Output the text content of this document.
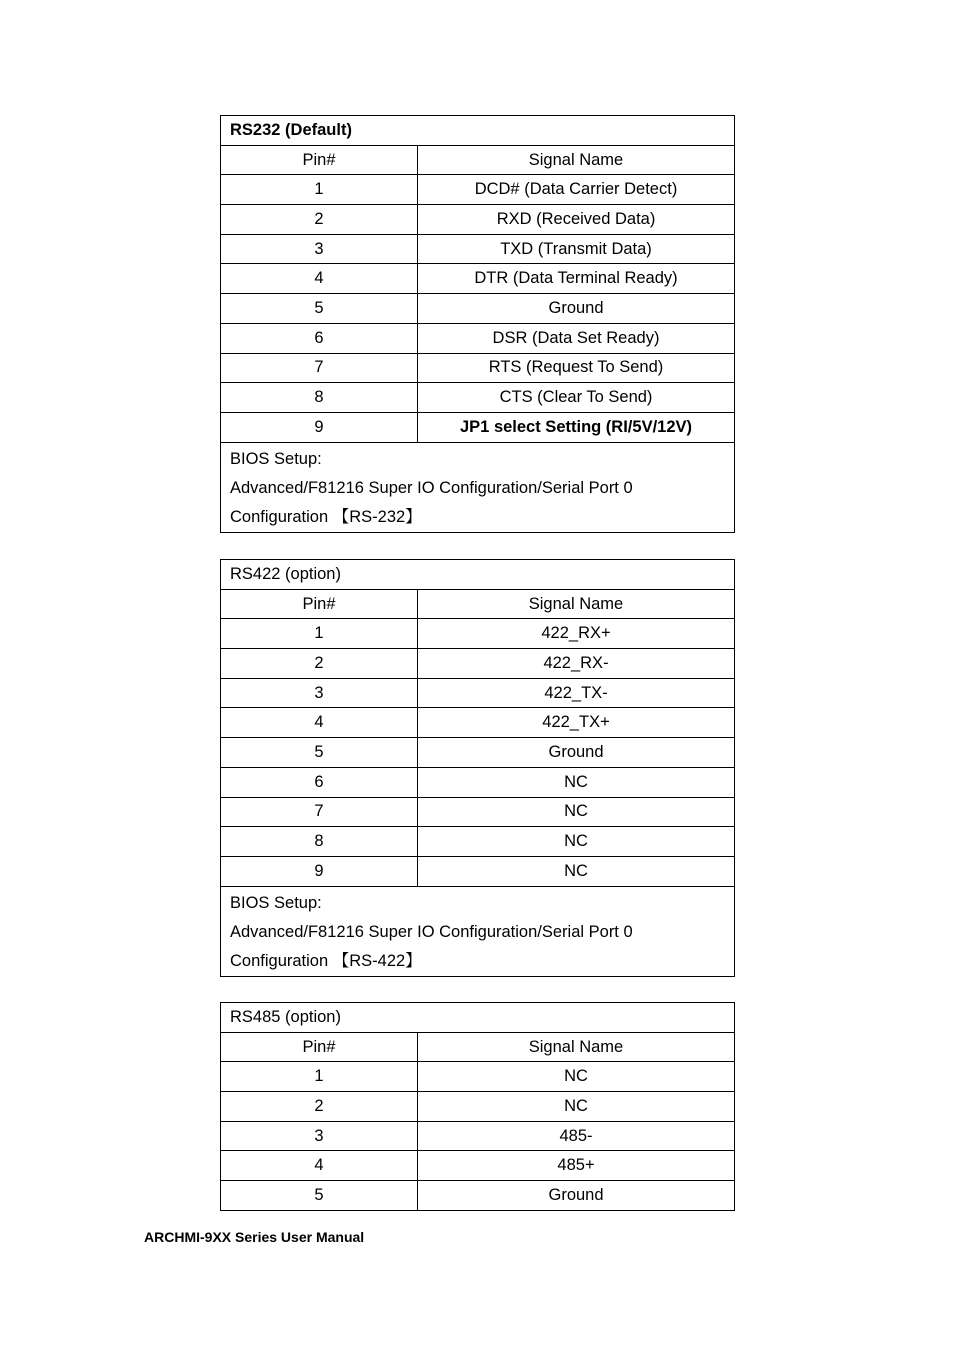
RS232 (Default)	
Pin#	Signal Name
1	DCD# (Data Carrier Detect)
2	RXD (Received Data)
3	TXD (Transmit Data)
4	DTR (Data Terminal Ready)
5	Ground
6	DSR (Data Set Ready)
7	RTS (Request To Send)
8	CTS (Clear To Send)
9	JP1 select Setting (RI/5V/12V)

BIOS Setup:
Advanced/F81216 Super IO Configuration/Serial Port 0
Configuration 【RS-232】	
RS422 (option)	
Pin#	Signal Name
1	422_RX+
2	422_RX-
3	422_TX-
4	422_TX+
5	Ground
6	NC
7	NC
8	NC
9	NC

BIOS Setup:
Advanced/F81216 Super IO Configuration/Serial Port 0
Configuration 【RS-422】	
RS485 (option)	
Pin#	Signal Name
1	NC
2	NC
3	485-
4	485+
5	Ground
ARCHMI-9XX Series User Manual
